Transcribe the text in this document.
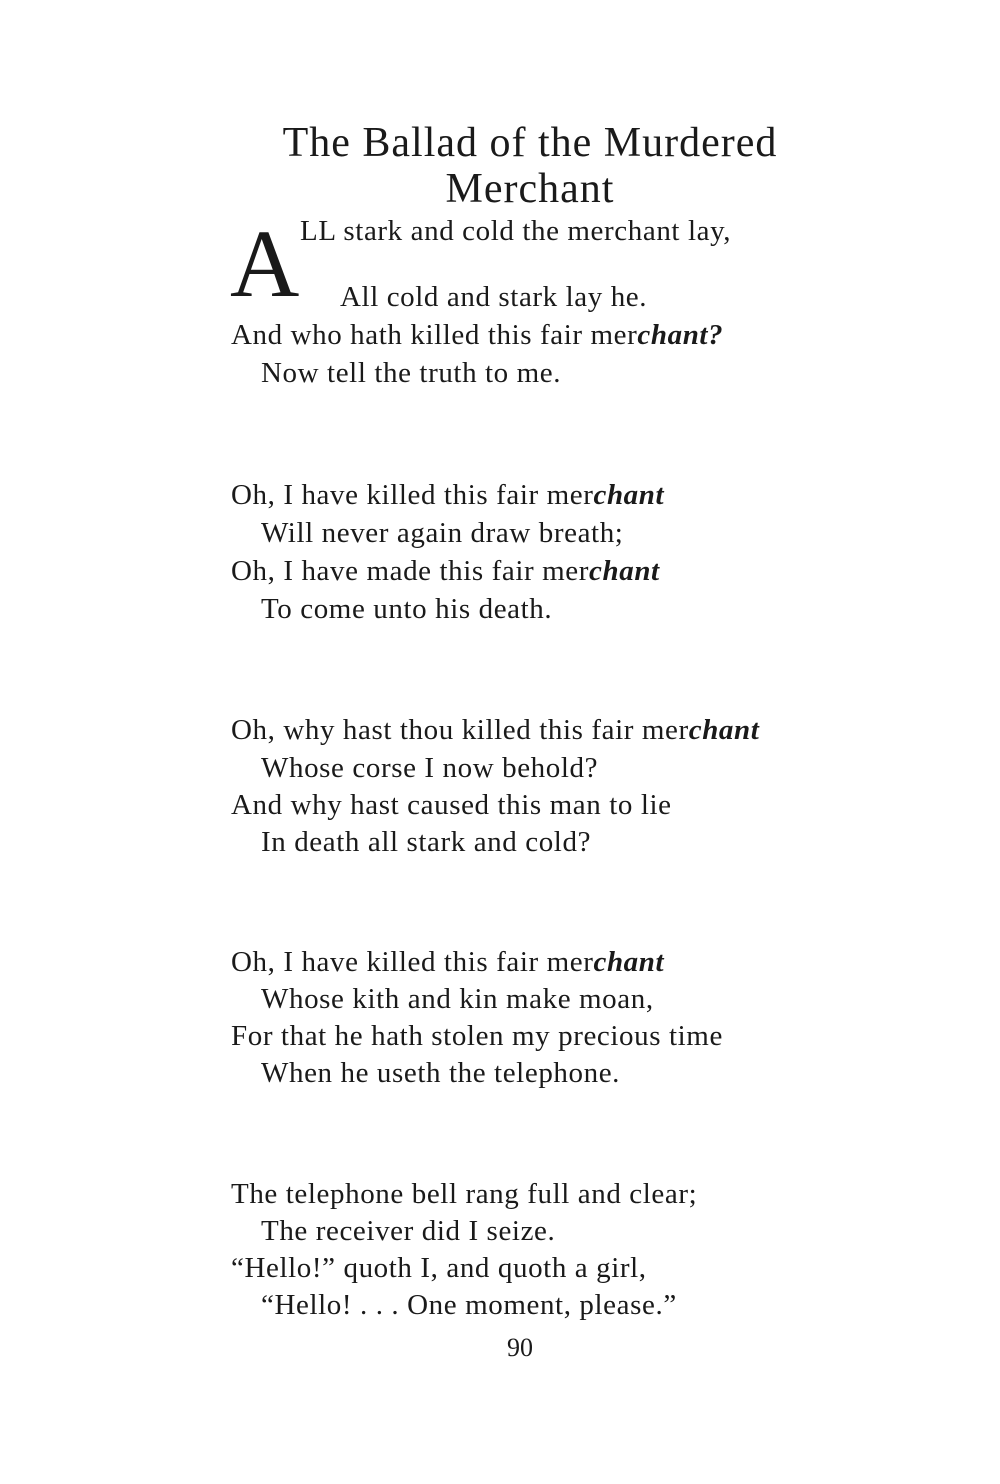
The Ballad of the Murdered
Merchant
A LL stark and cold the merchant lay,
All cold and stark lay he.
And who hath killed this fair merchant?
Now tell the truth to me.
Oh, I have killed this fair merchant
Will never again draw breath;
Oh, I have made this fair merchant
To come unto his death.
Oh, why hast thou killed this fair merchant
Whose corse I now behold?
And why hast caused this man to lie
In death all stark and cold?
Oh, I have killed this fair merchant
Whose kith and kin make moan,
For that he hath stolen my precious time
When he useth the telephone.
The telephone bell rang full and clear;
The receiver did I seize.
“Hello!” quoth I, and quoth a girl,
“Hello! . . . One moment, please.”
90
